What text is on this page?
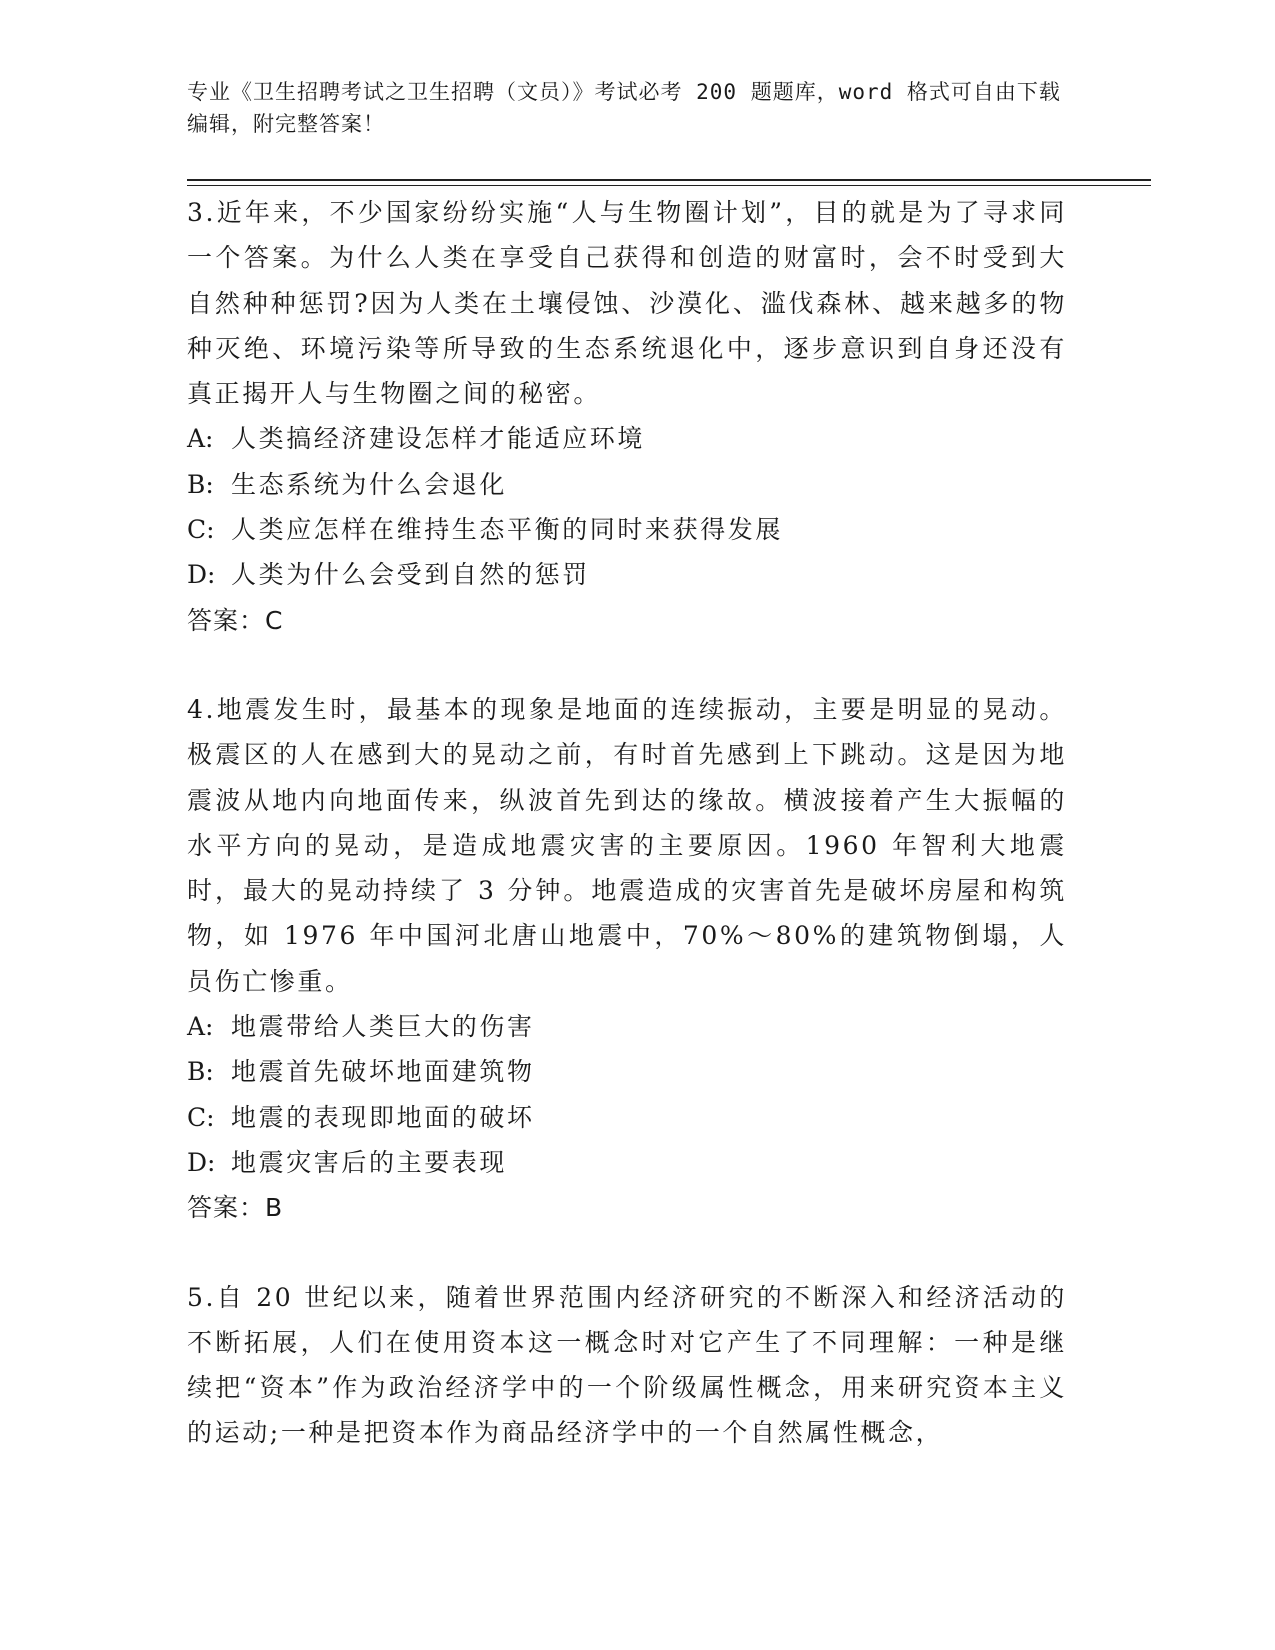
专业《卫生招聘考试之卫生招聘（文员）》考试必考 200 题题库，word 格式可自由下载编辑，附完整答案！

3.近年来，不少国家纷纷实施“人与生物圈计划”，目的就是为了寻求同一个答案。为什么人类在享受自己获得和创造的财富时，会不时受到大自然种种惩罚?因为人类在土壤侵蚀、沙漠化、滥伐森林、越来越多的物种灭绝、环境污染等所导致的生态系统退化中，逐步意识到自身还没有真正揭开人与生物圈之间的秘密。

A: 人类搞经济建设怎样才能适应环境

B: 生态系统为什么会退化

C: 人类应怎样在维持生态平衡的同时来获得发展

D: 人类为什么会受到自然的惩罚

答案：C

4.地震发生时，最基本的现象是地面的连续振动，主要是明显的晃动。极震区的人在感到大的晃动之前，有时首先感到上下跳动。这是因为地震波从地内向地面传来，纵波首先到达的缘故。横波接着产生大振幅的水平方向的晃动，是造成地震灾害的主要原因。1960 年智利大地震时，最大的晃动持续了 3 分钟。地震造成的灾害首先是破坏房屋和构筑物，如 1976 年中国河北唐山地震中，70%～80%的建筑物倒塌，人员伤亡惨重。

A: 地震带给人类巨大的伤害

B: 地震首先破坏地面建筑物

C: 地震的表现即地面的破坏

D: 地震灾害后的主要表现

答案：B

5.自 20 世纪以来，随着世界范围内经济研究的不断深入和经济活动的不断拓展，人们在使用资本这一概念时对它产生了不同理解：一种是继续把“资本”作为政治经济学中的一个阶级属性概念，用来研究资本主义的运动;一种是把资本作为商品经济学中的一个自然属性概念，
